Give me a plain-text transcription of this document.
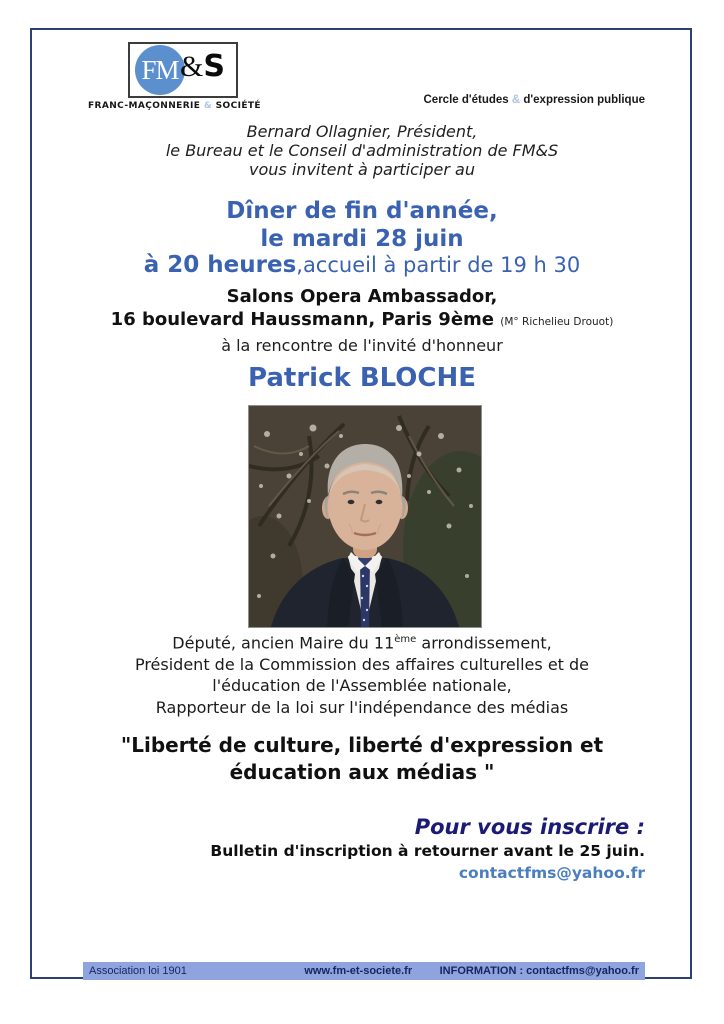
FM &S
FRANC-MAÇONNERIE & SOCIÉTÉ	Cercle d'études & d'expression publique
Bernard Ollagnier, Président,
le Bureau et le Conseil d'administration de FM&S
vous invitent à participer au
Dîner de fin d'année,
le mardi 28 juin
à 20 heures,accueil à partir de 19 h 30
Salons Opera Ambassador,
16 boulevard Haussmann, Paris 9ème (M° Richelieu Drouot)
à la rencontre de l'invité d'honneur
Patrick BLOCHE
Député, ancien Maire du 11ème arrondissement,
Président de la Commission des affaires culturelles et de
l'éducation de l'Assemblée nationale,
Rapporteur de la loi sur l'indépendance des médias
"Liberté de culture, liberté d'expression et
éducation aux médias "
Pour vous inscrire :
Bulletin d'inscription à retourner avant le 25 juin.
contactfms@yahoo.fr
Association loi 1901	www.fm-et-societe.fr	INFORMATION : contactfms@yahoo.fr
